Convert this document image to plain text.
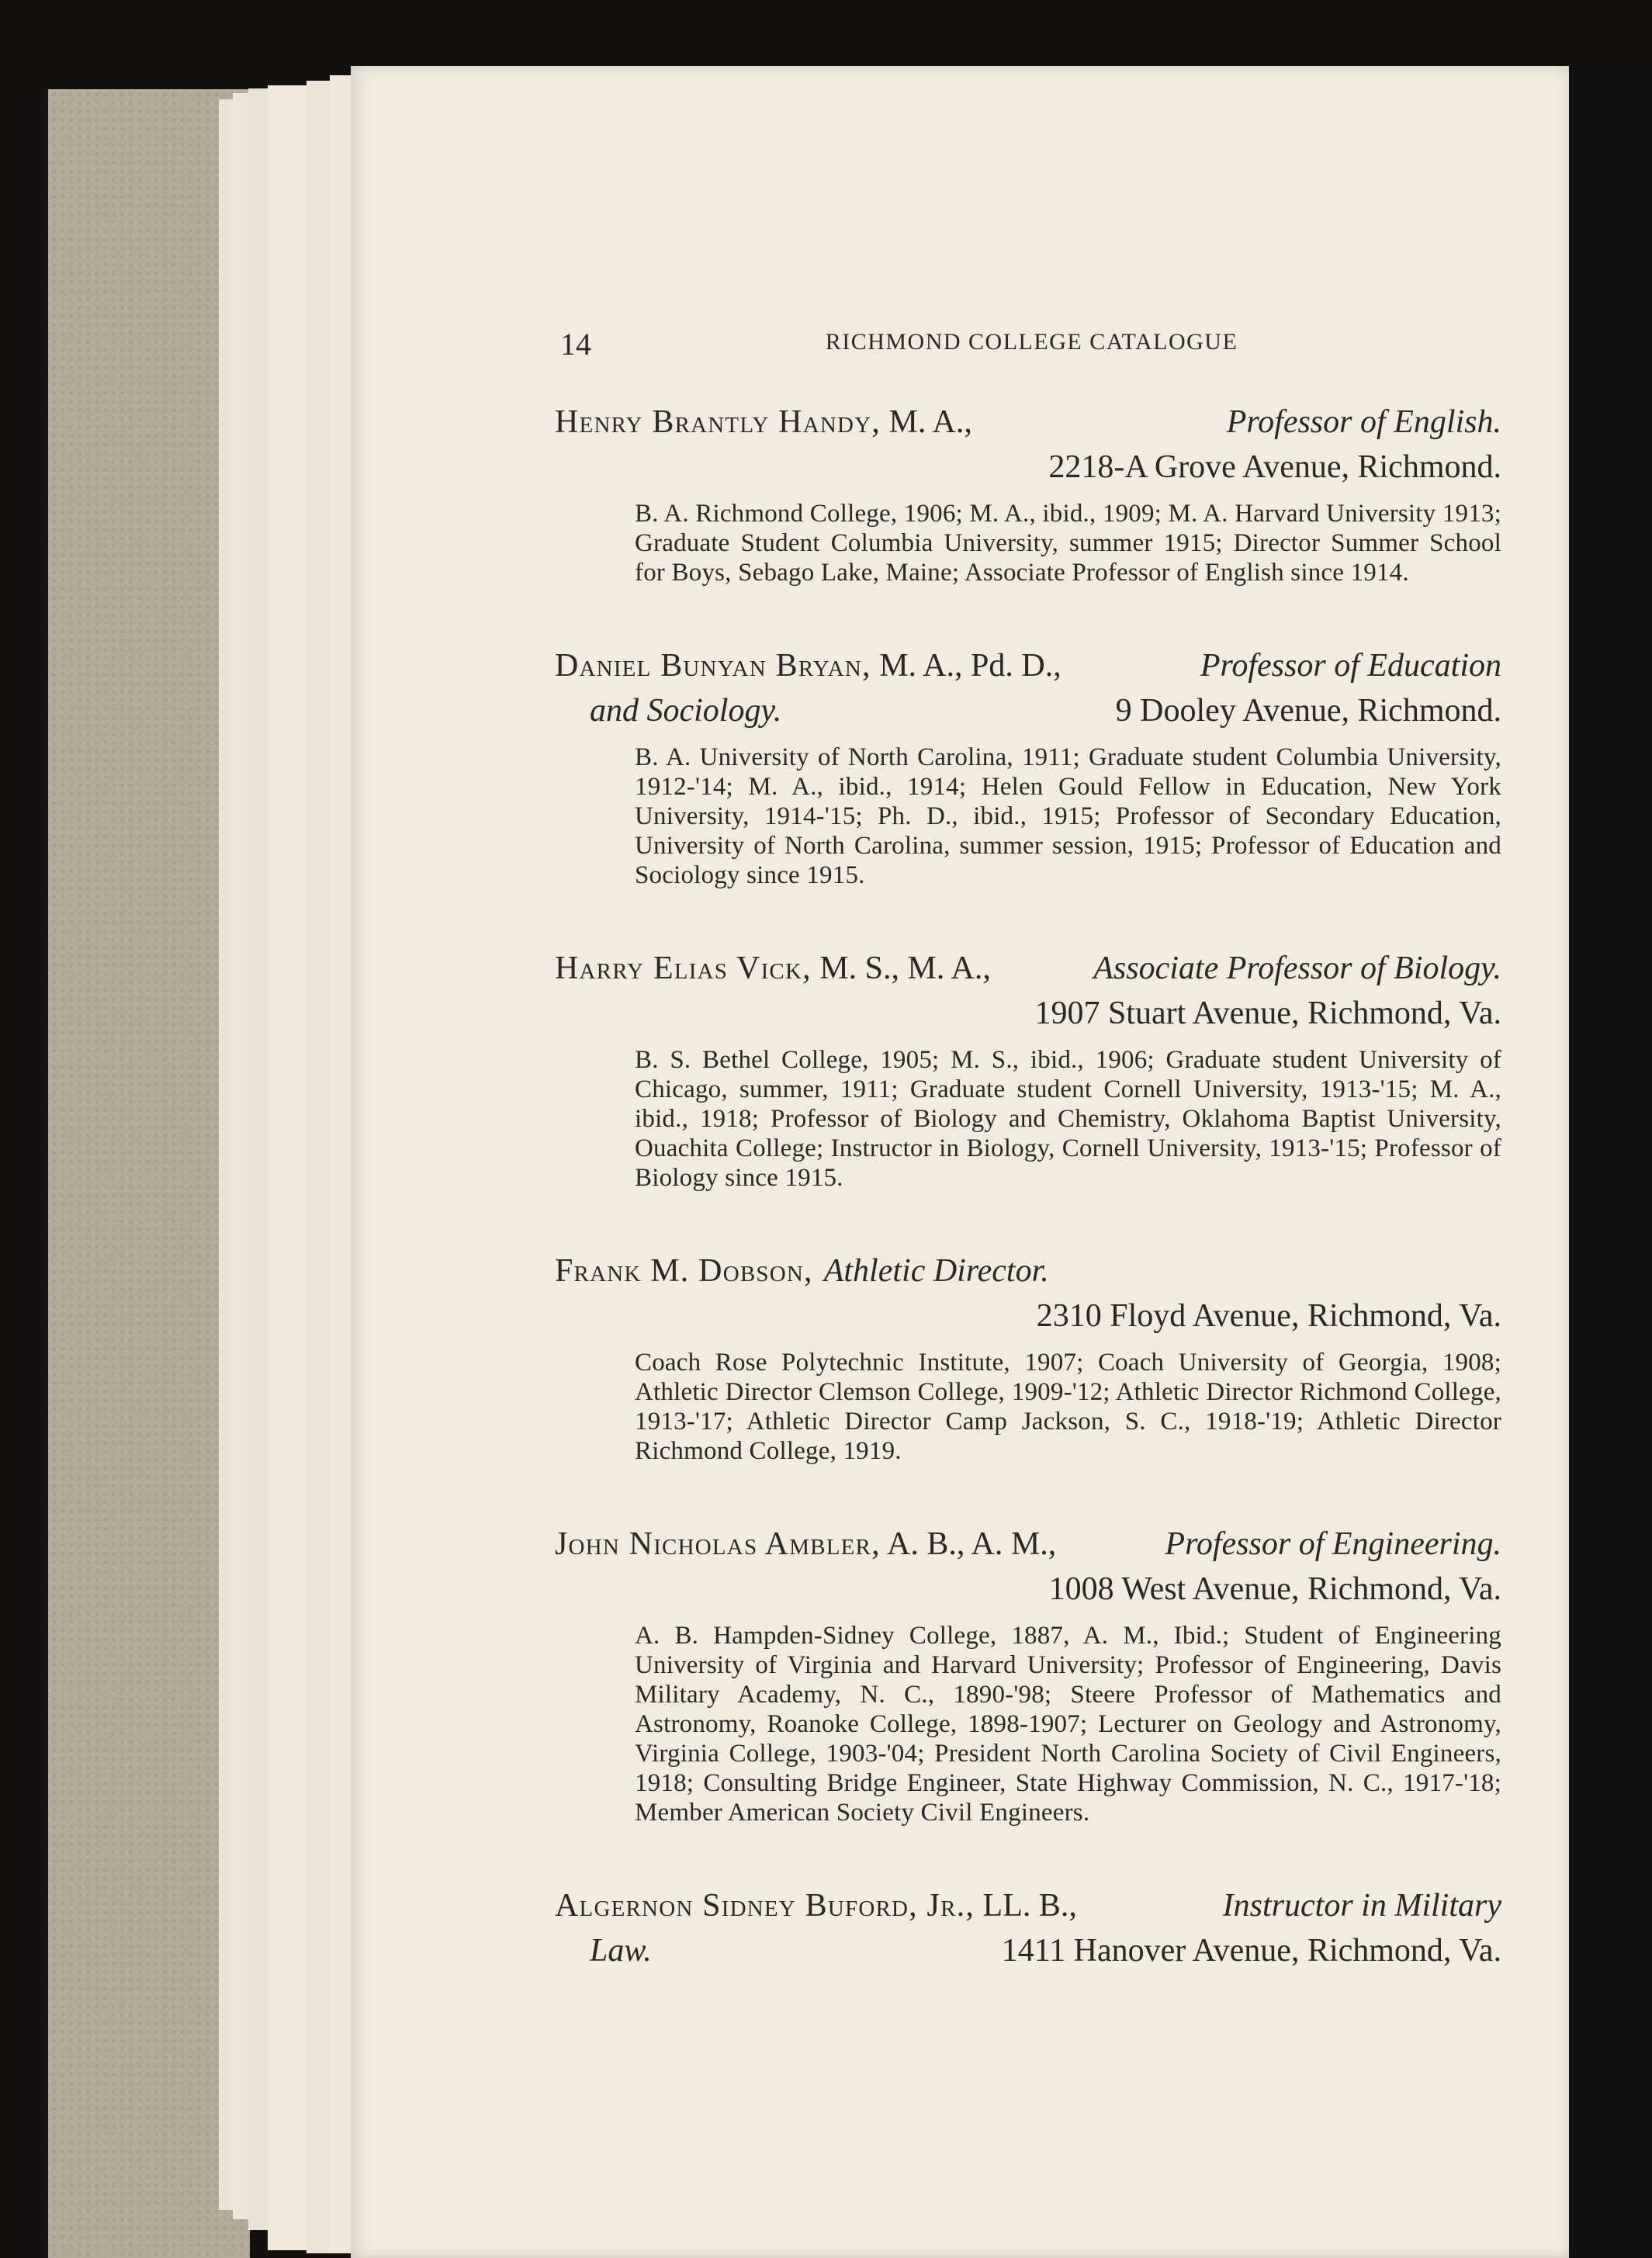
14	RICHMOND COLLEGE CATALOGUE
Henry Brantly Handy, M. A.,	Professor of English.
2218-A Grove Avenue, Richmond.
B. A. Richmond College, 1906; M. A., ibid., 1909; M. A. Harvard University 1913; Graduate Student Columbia University, summer 1915; Director Summer School for Boys, Sebago Lake, Maine; Associate Professor of English since 1914.
Daniel Bunyan Bryan, M. A., Pd. D.,	Professor of Education
and Sociology.	9 Dooley Avenue, Richmond.
B. A. University of North Carolina, 1911; Graduate student Columbia University, 1912-'14; M. A., ibid., 1914; Helen Gould Fellow in Education, New York University, 1914-'15; Ph. D., ibid., 1915; Professor of Secondary Education, University of North Carolina, summer session, 1915; Professor of Education and Sociology since 1915.
Harry Elias Vick, M. S., M. A.,	Associate Professor of Biology.
1907 Stuart Avenue, Richmond, Va.
B. S. Bethel College, 1905; M. S., ibid., 1906; Graduate student University of Chicago, summer, 1911; Graduate student Cornell University, 1913-'15; M. A., ibid., 1918; Professor of Biology and Chemistry, Oklahoma Baptist University, Ouachita College; Instructor in Biology, Cornell University, 1913-'15; Professor of Biology since 1915.
Frank M. Dobson, Athletic Director.
2310 Floyd Avenue, Richmond, Va.
Coach Rose Polytechnic Institute, 1907; Coach University of Georgia, 1908; Athletic Director Clemson College, 1909-'12; Athletic Director Richmond College, 1913-'17; Athletic Director Camp Jackson, S. C., 1918-'19; Athletic Director Richmond College, 1919.
John Nicholas Ambler, A. B., A. M.,	Professor of Engineering.
1008 West Avenue, Richmond, Va.
A. B. Hampden-Sidney College, 1887, A. M., Ibid.; Student of Engineering University of Virginia and Harvard University; Professor of Engineering, Davis Military Academy, N. C., 1890-'98; Steere Professor of Mathematics and Astronomy, Roanoke College, 1898-1907; Lecturer on Geology and Astronomy, Virginia College, 1903-'04; President North Carolina Society of Civil Engineers, 1918; Consulting Bridge Engineer, State Highway Commission, N. C., 1917-'18; Member American Society Civil Engineers.
Algernon Sidney Buford, Jr., LL. B.,	Instructor in Military
Law.	1411 Hanover Avenue, Richmond, Va.
